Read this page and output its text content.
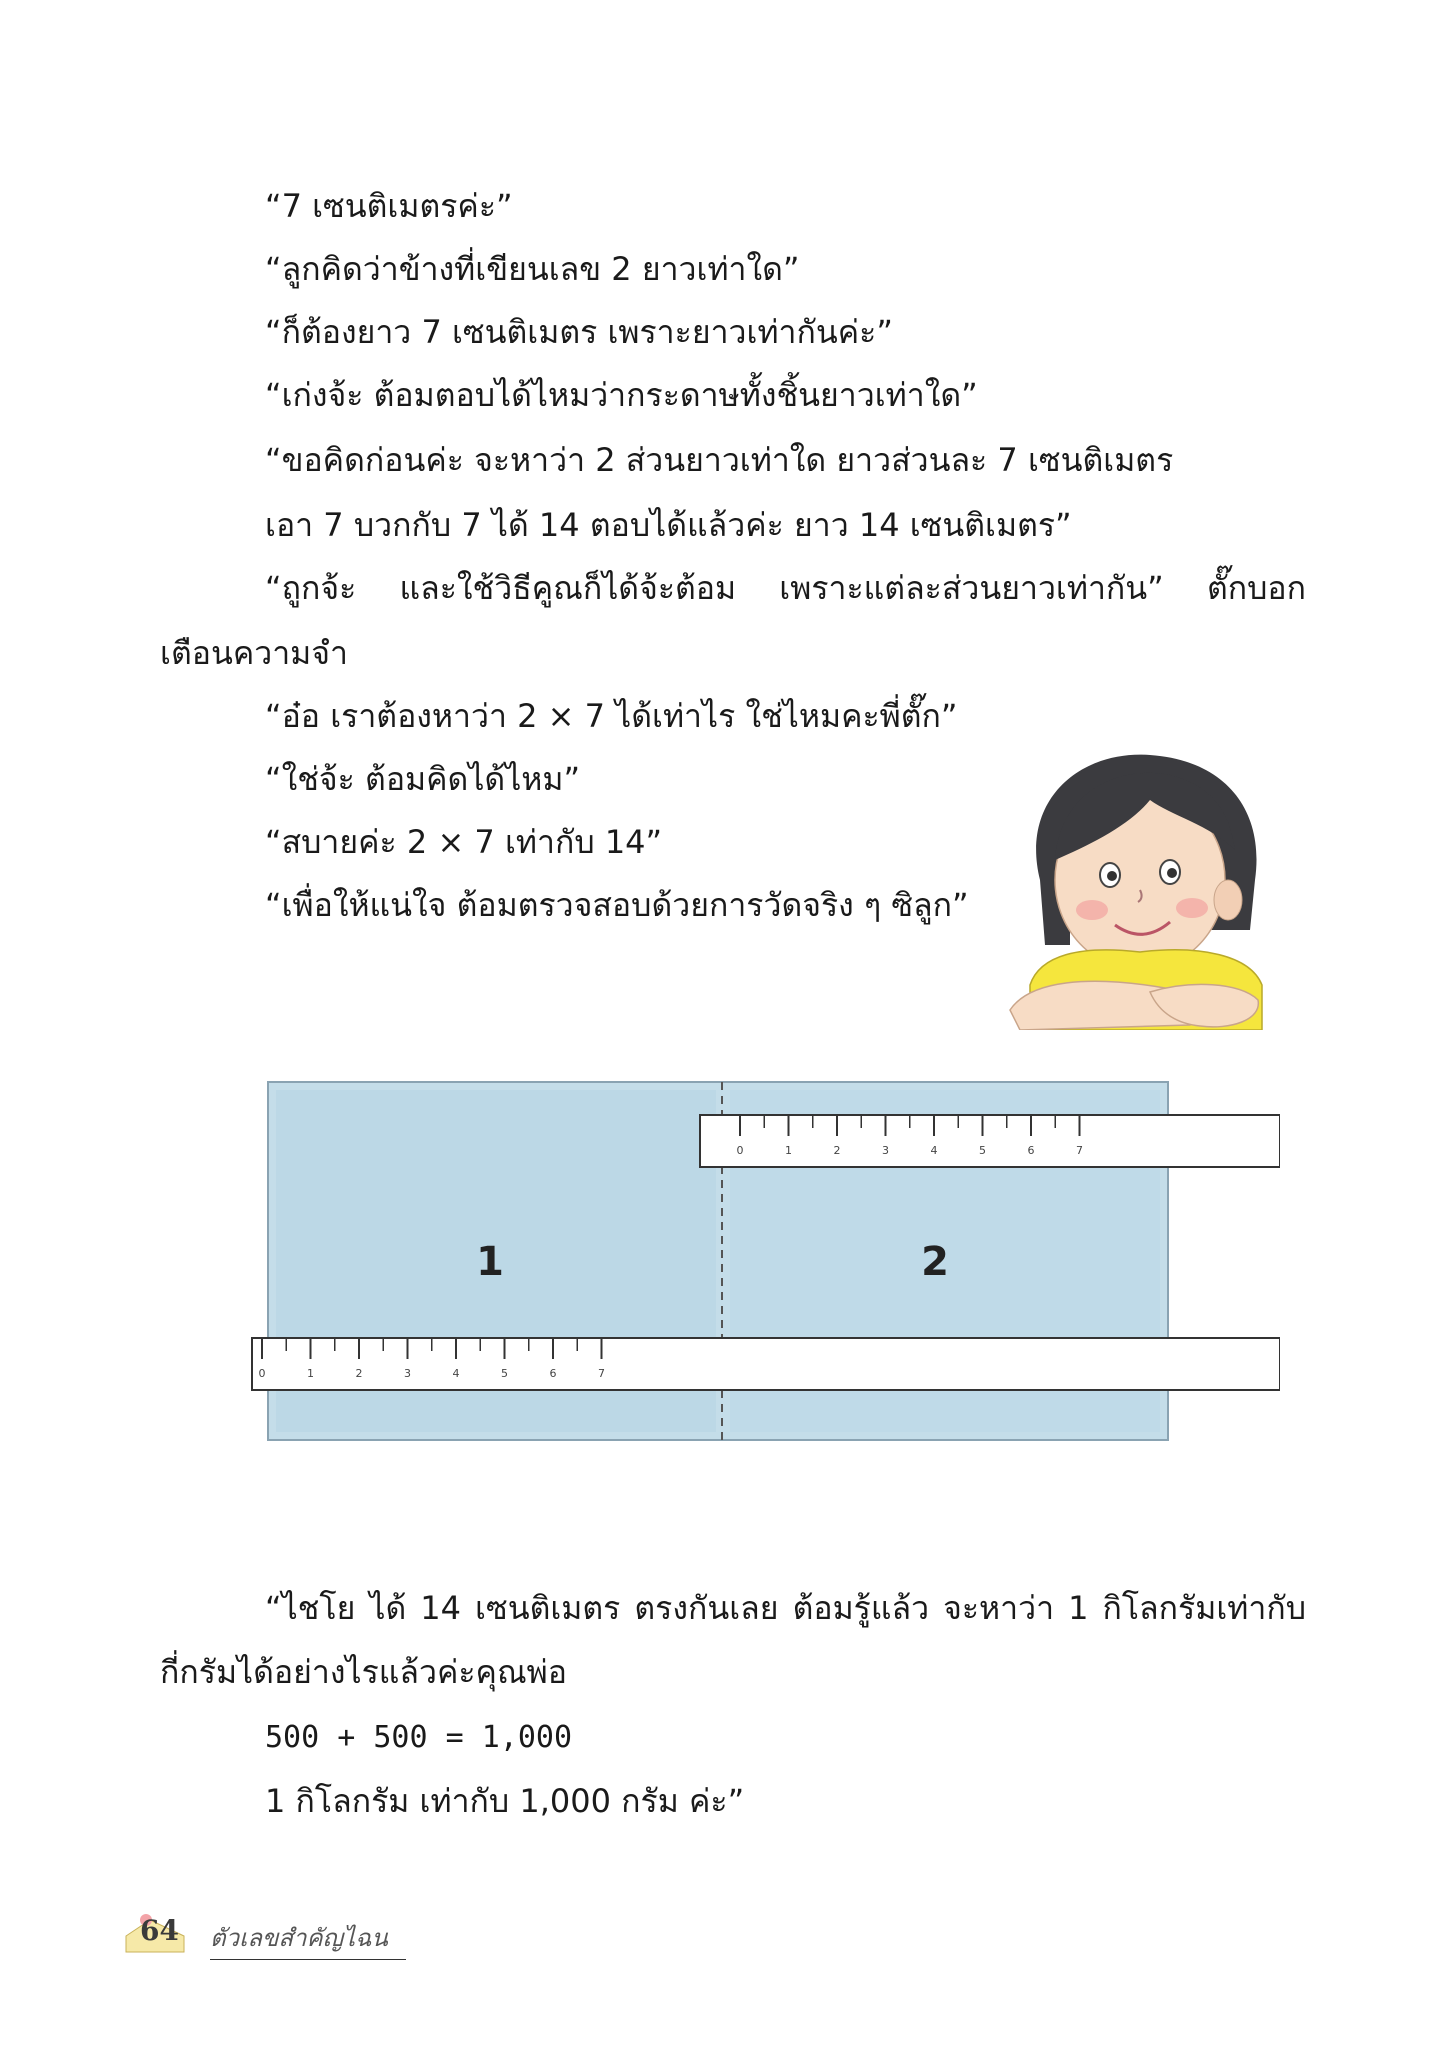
“7 เซนติเมตรค่ะ”
“ลูกคิดว่าข้างที่เขียนเลข 2 ยาวเท่าใด”
“ก็ต้องยาว 7 เซนติเมตร เพราะยาวเท่ากันค่ะ”
“เก่งจ้ะ ต้อมตอบได้ไหมว่ากระดาษทั้งชิ้นยาวเท่าใด”
“ขอคิดก่อนค่ะ จะหาว่า 2 ส่วนยาวเท่าใด ยาวส่วนละ 7 เซนติเมตร
เอา 7 บวกกับ 7 ได้ 14 ตอบได้แล้วค่ะ ยาว 14 เซนติเมตร”
“ถูกจ้ะ และใช้วิธีคูณก็ได้จ้ะต้อม เพราะแต่ละส่วนยาวเท่ากัน” ตั๊กบอก
เตือนความจำ
“อ๋อ เราต้องหาว่า 2 × 7 ได้เท่าไร ใช่ไหมคะพี่ตั๊ก”
“ใช่จ้ะ ต้อมคิดได้ไหม”
“สบายค่ะ 2 × 7 เท่ากับ 14”
“เพื่อให้แน่ใจ ต้อมตรวจสอบด้วยการวัดจริง ๆ ซิลูก”
1	2
0	1	2	3	4	5	6	7
0	1	2	3	4	5	6	7
“ไชโย ได้ 14 เซนติเมตร ตรงกันเลย ต้อมรู้แล้ว จะหาว่า 1 กิโลกรัมเท่ากับ
กี่กรัมได้อย่างไรแล้วค่ะคุณพ่อ
500 + 500 = 1,000
1 กิโลกรัม เท่ากับ 1,000 กรัม ค่ะ”
64 ตัวเลขสำคัญไฉน
